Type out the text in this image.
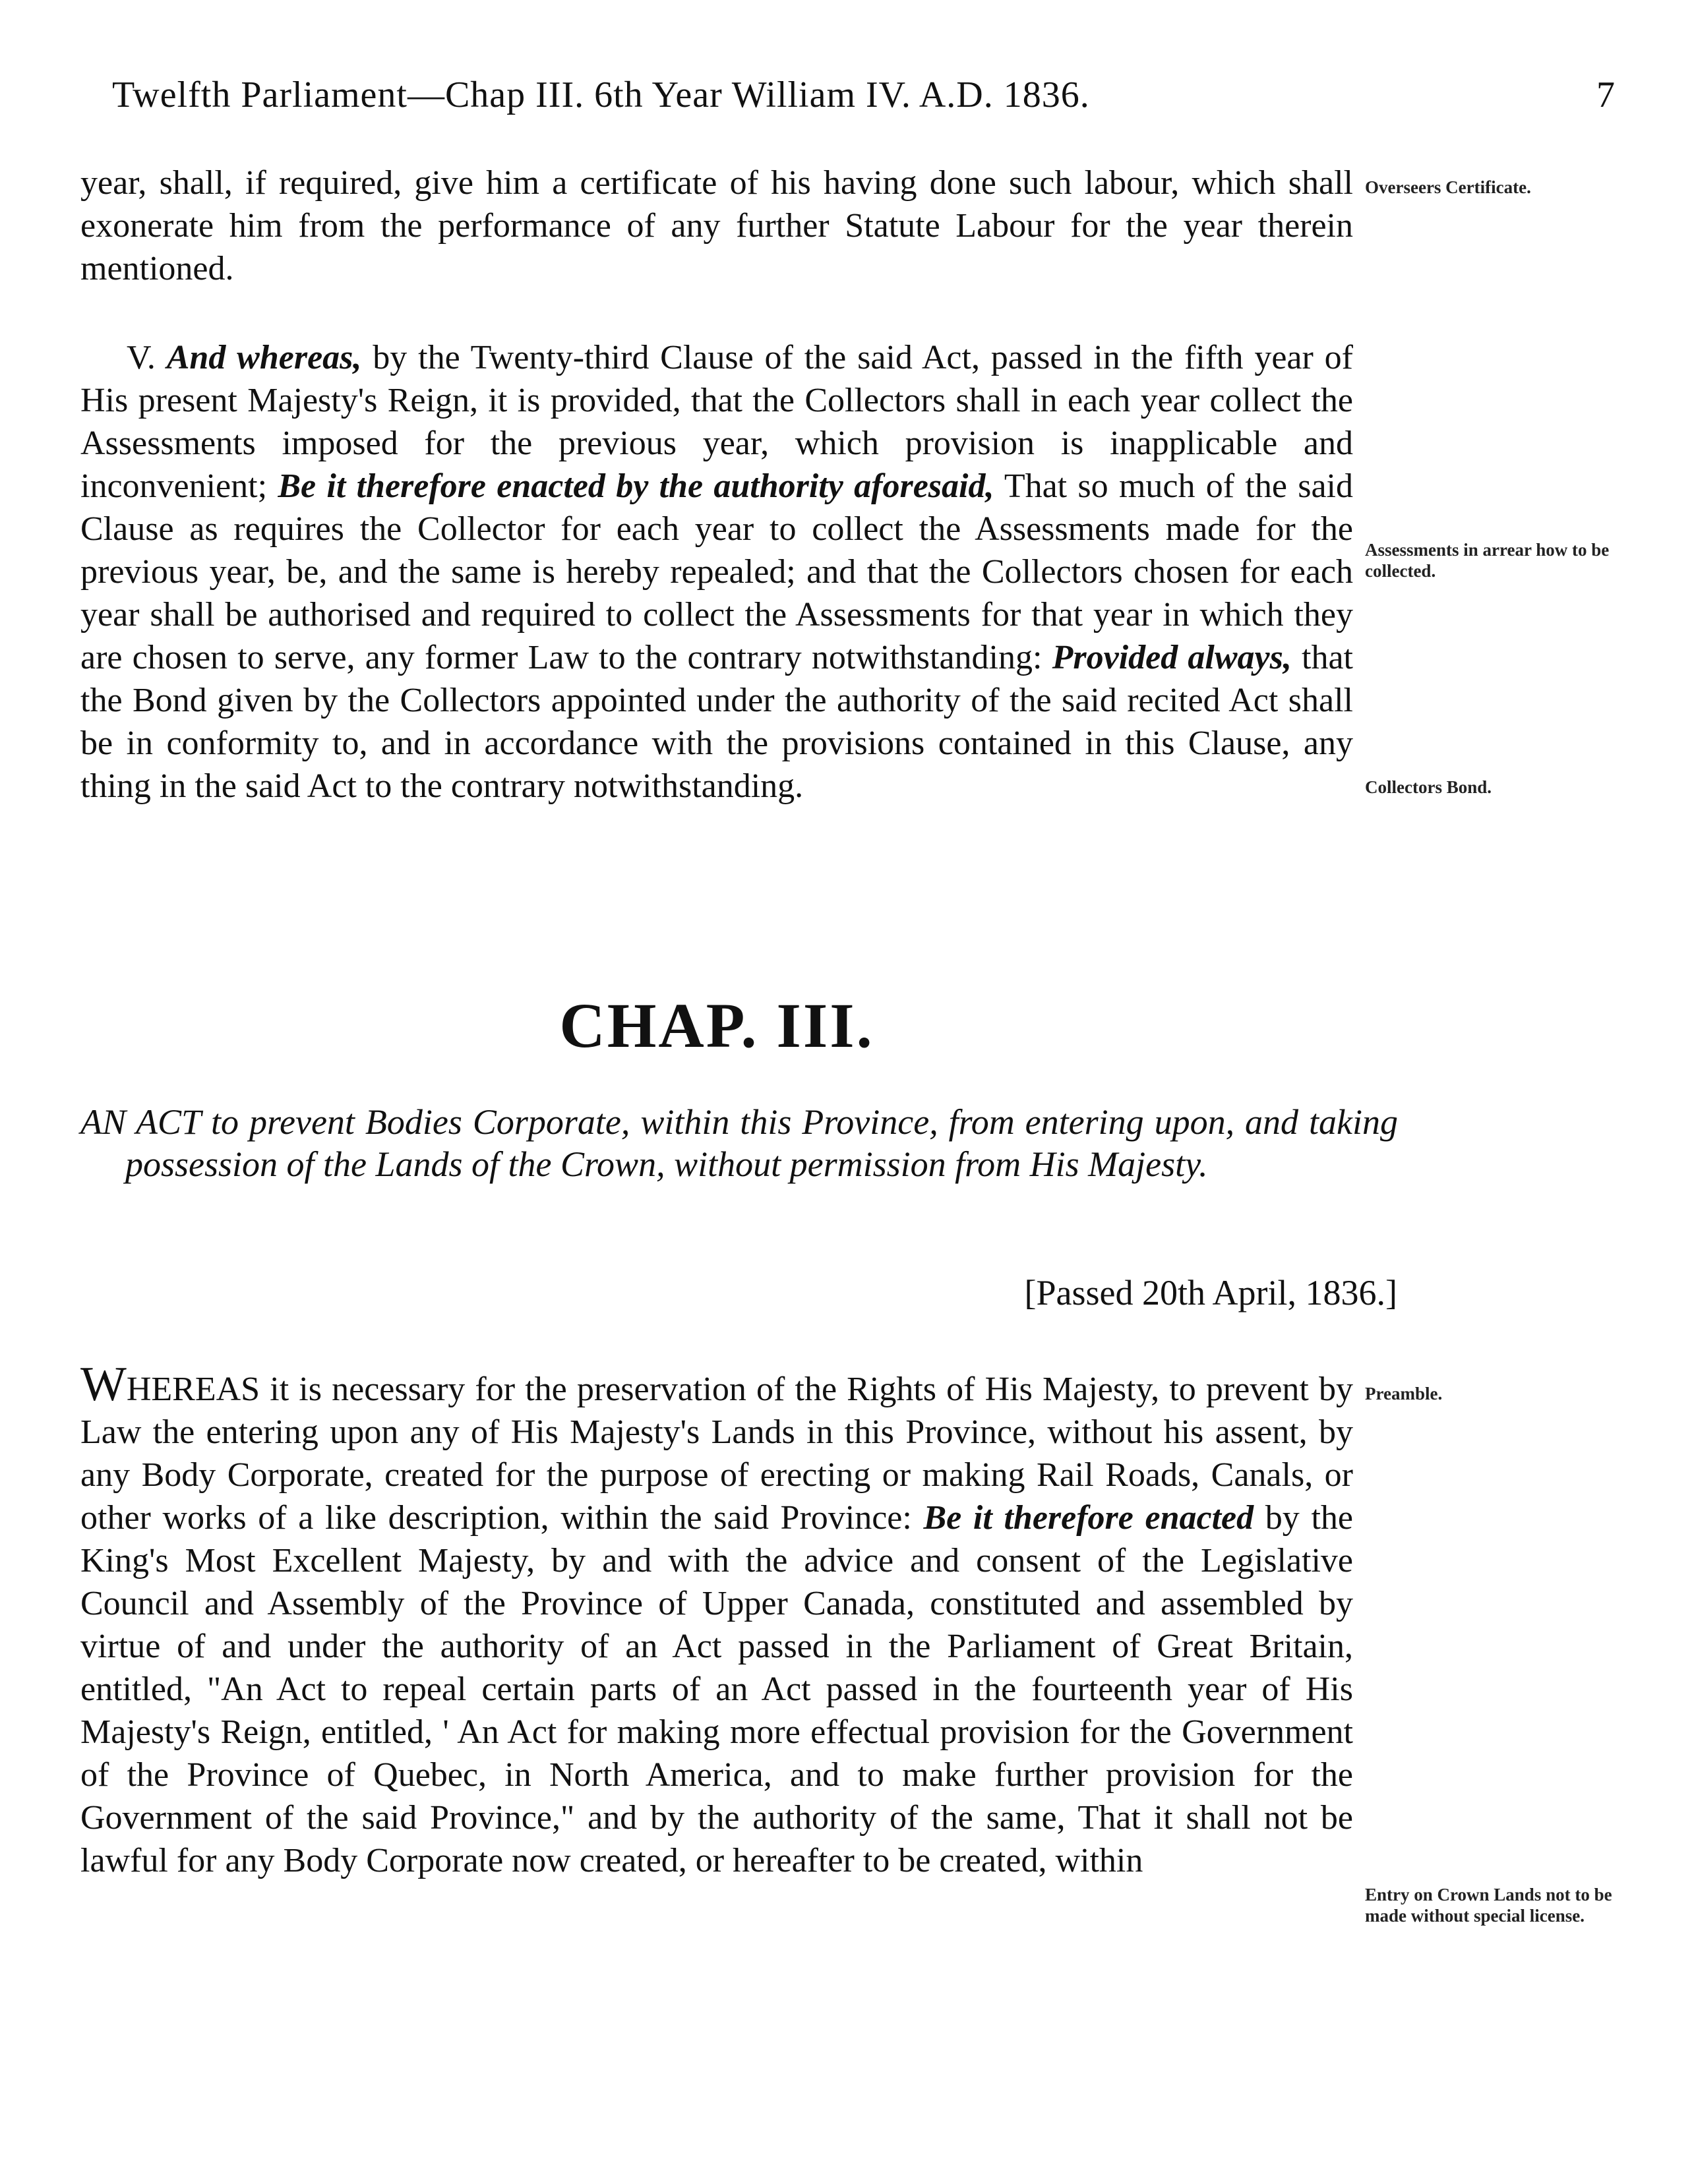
Twelfth Parliament—Chap III. 6th Year William IV. A.D. 1836.	7

year, shall, if required, give him a certificate of his having done such labour, which shall exonerate him from the performance of any further Statute Labour for the year therein mentioned.

V. And whereas, by the Twenty-third Clause of the said Act, passed in the fifth year of His present Majesty's Reign, it is provided, that the Collectors shall in each year collect the Assessments imposed for the previous year, which provision is inapplicable and inconvenient; Be it therefore enacted by the authority aforesaid, That so much of the said Clause as requires the Collector for each year to collect the Assessments made for the previous year, be, and the same is hereby repealed; and that the Collectors chosen for each year shall be authorised and required to collect the Assessments for that year in which they are chosen to serve, any former Law to the contrary notwithstanding: Provided always, that the Bond given by the Collectors appointed under the authority of the said recited Act shall be in conformity to, and in accordance with the provisions contained in this Clause, any thing in the said Act to the contrary notwithstanding.

CHAP. III.
AN ACT to prevent Bodies Corporate, within this Province, from entering upon, and taking possession of the Lands of the Crown, without permission from His Majesty.
[Passed 20th April, 1836.]

WHEREAS it is necessary for the preservation of the Rights of His Majesty, to prevent by Law the entering upon any of His Majesty's Lands in this Province, without his assent, by any Body Corporate, created for the purpose of erecting or making Rail Roads, Canals, or other works of a like description, within the said Province: Be it therefore enacted by the King's Most Excellent Majesty, by and with the advice and consent of the Legislative Council and Assembly of the Province of Upper Canada, constituted and assembled by virtue of and under the authority of an Act passed in the Parliament of Great Britain, entitled, "An Act to repeal certain parts of an Act passed in the fourteenth year of His Majesty's Reign, entitled, ' An Act for making more effectual provision for the Government of the Province of Quebec, in North America, and to make further provision for the Government of the said Province," and by the authority of the same, That it shall not be lawful for any Body Corporate now created, or hereafter to be created, within

Overseers Certificate.
Assessments in arrear how to be collected.
Collectors Bond.
Preamble.
Entry on Crown Lands not to be made without special license.
